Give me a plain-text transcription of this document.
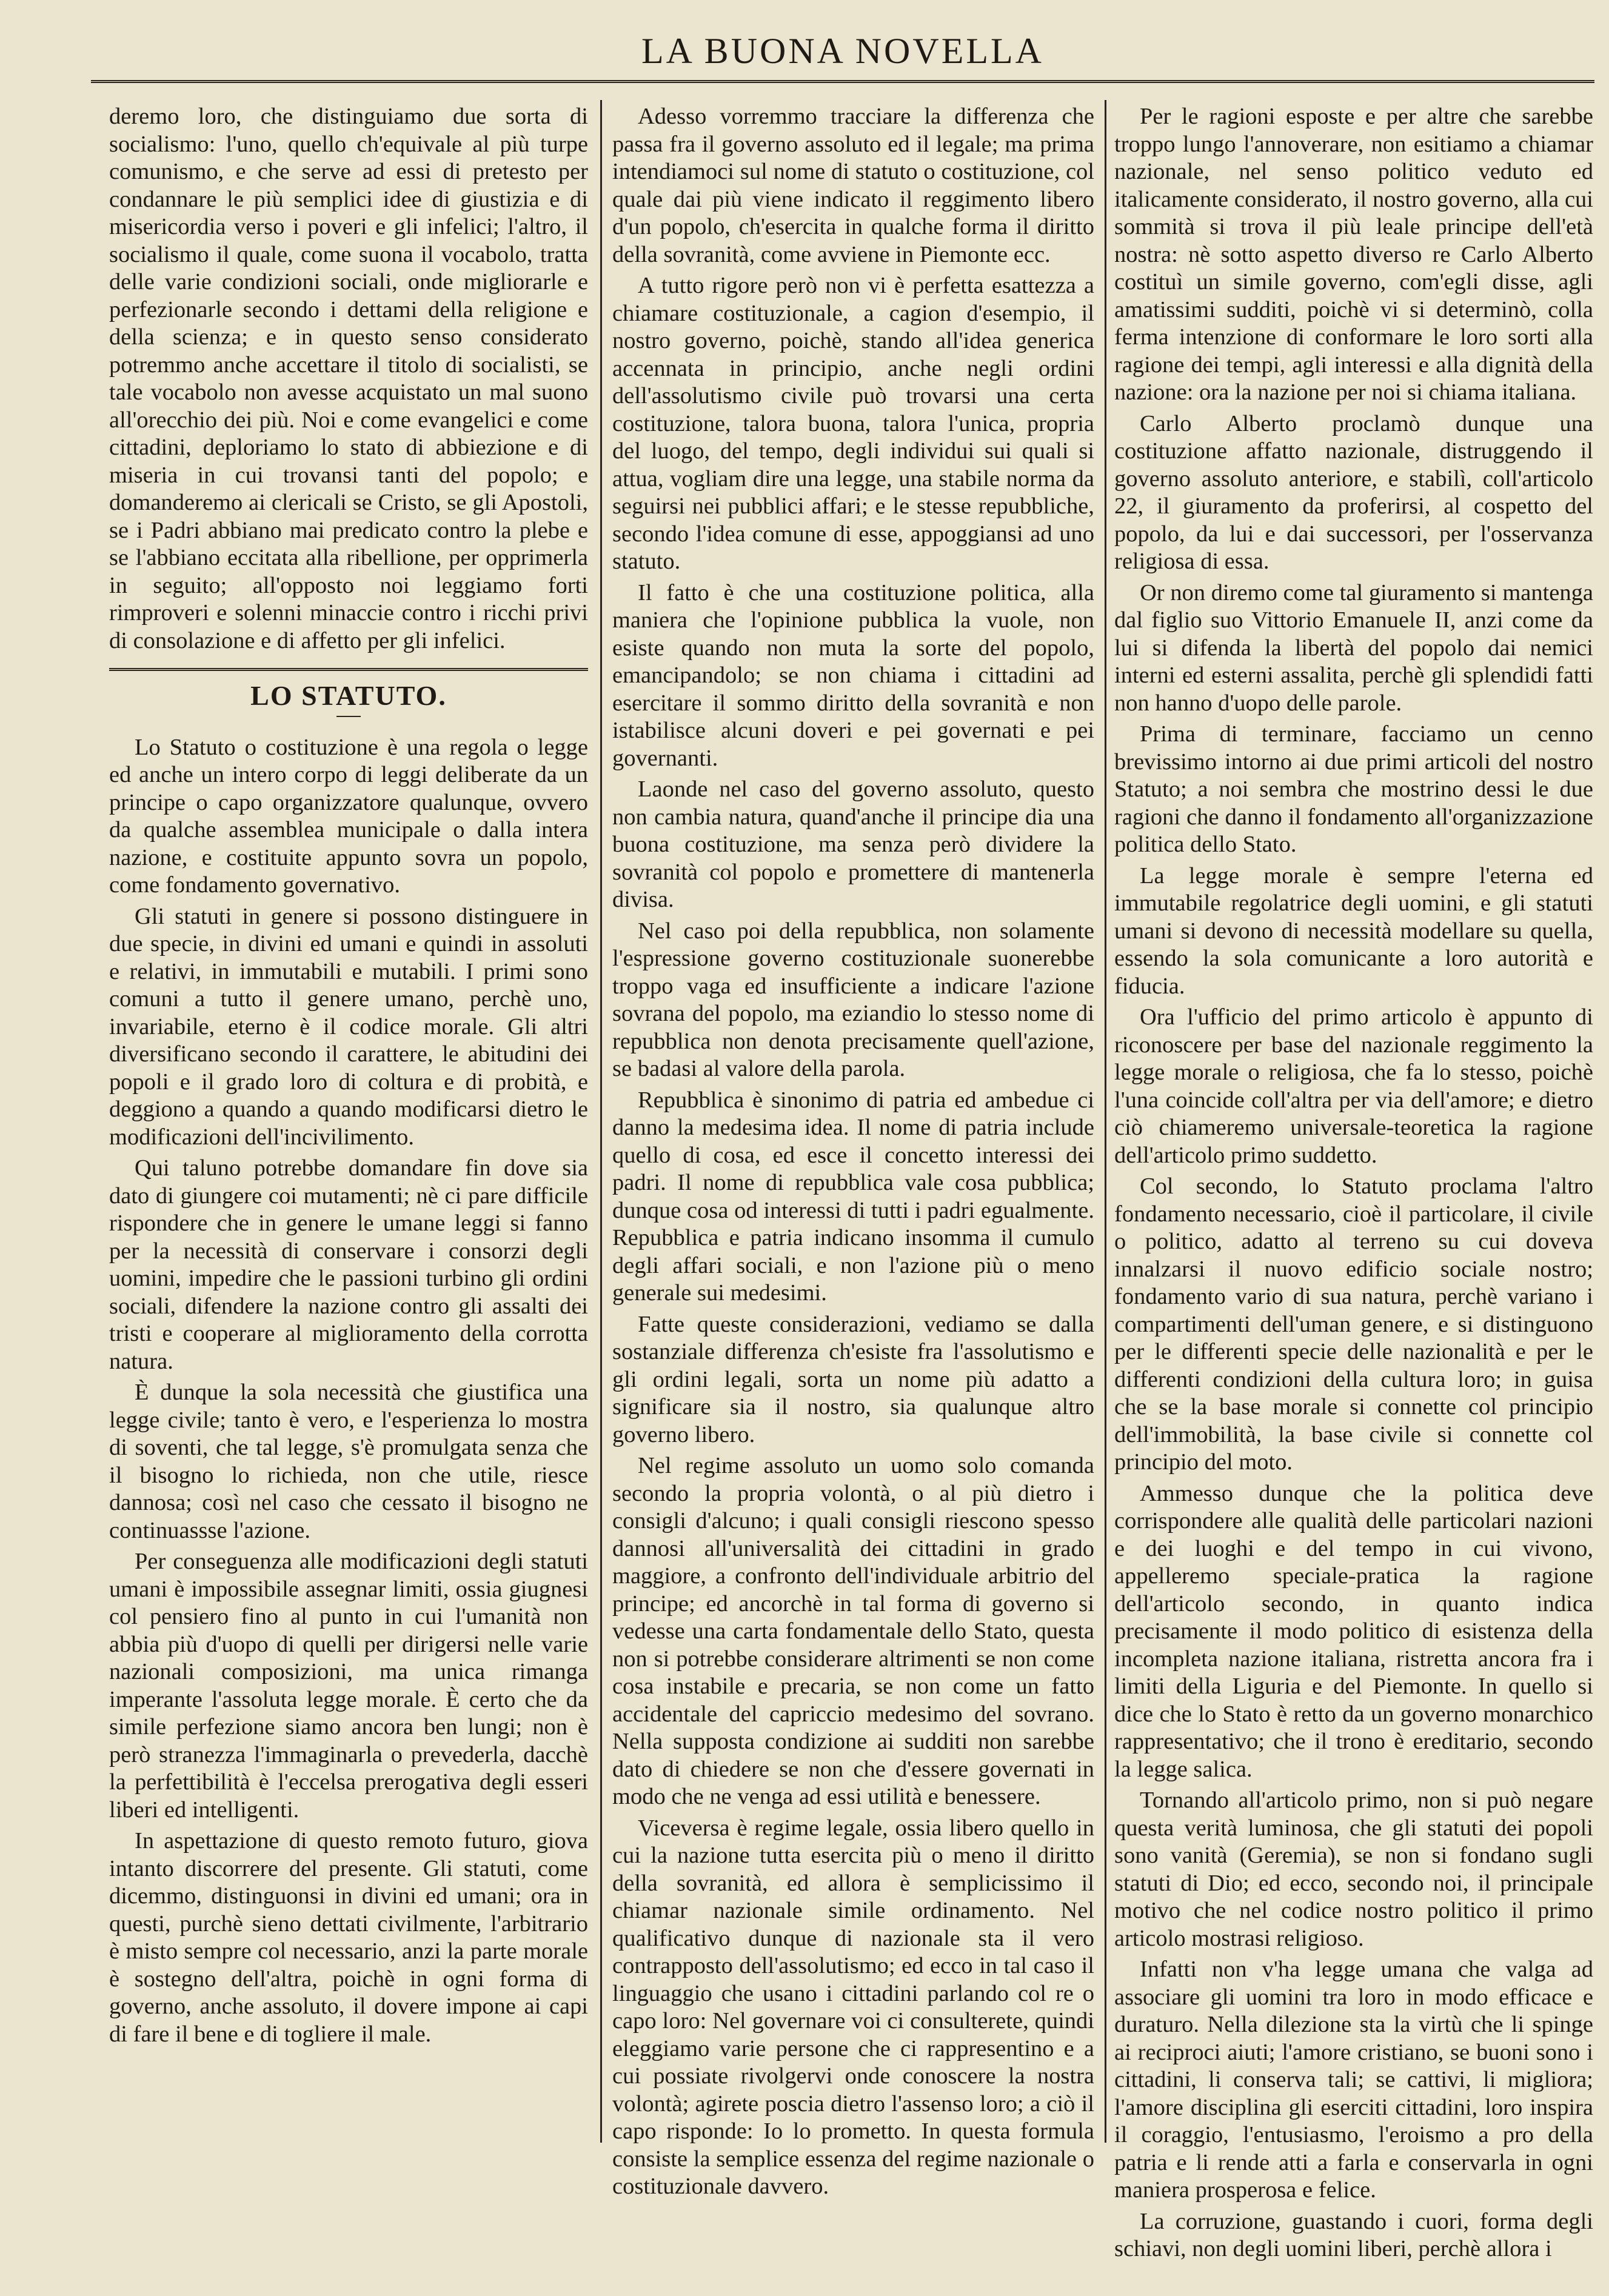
LA BUONA NOVELLA

deremo loro, che distinguiamo due sorta di socialismo: l'uno, quello ch'equivale al più turpe comunismo, e che serve ad essi di pretesto per condannare le più semplici idee di giustizia e di misericordia verso i poveri e gli infelici; l'altro, il socialismo il quale, come suona il vocabolo, tratta delle varie condizioni sociali, onde migliorarle e perfezionarle secondo i dettami della religione e della scienza; e in questo senso considerato potremmo anche accettare il titolo di socialisti, se tale vocabolo non avesse acquistato un mal suono all'orecchio dei più. Noi e come evangelici e come cittadini, deploriamo lo stato di abbiezione e di miseria in cui trovansi tanti del popolo; e domanderemo ai clericali se Cristo, se gli Apostoli, se i Padri abbiano mai predicato contro la plebe e se l'abbiano eccitata alla ribellione, per opprimerla in seguito; all'opposto noi leggiamo forti rimproveri e solenni minaccie contro i ricchi privi di consolazione e di affetto per gli infelici.

LO STATUTO.

Lo Statuto o costituzione è una regola o legge ed anche un intero corpo di leggi deliberate da un principe o capo organizzatore qualunque, ovvero da qualche assemblea municipale o dalla intera nazione, e costituite appunto sovra un popolo, come fondamento governativo.

Gli statuti in genere si possono distinguere in due specie, in divini ed umani e quindi in assoluti e relativi, in immutabili e mutabili. I primi sono comuni a tutto il genere umano, perchè uno, invariabile, eterno è il codice morale. Gli altri diversificano secondo il carattere, le abitudini dei popoli e il grado loro di coltura e di probità, e deggiono a quando a quando modificarsi dietro le modificazioni dell'incivilimento.

Qui taluno potrebbe domandare fin dove sia dato di giungere coi mutamenti; nè ci pare difficile rispondere che in genere le umane leggi si fanno per la necessità di conservare i consorzi degli uomini, impedire che le passioni turbino gli ordini sociali, difendere la nazione contro gli assalti dei tristi e cooperare al miglioramento della corrotta natura.

È dunque la sola necessità che giustifica una legge civile; tanto è vero, e l'esperienza lo mostra di soventi, che tal legge, s'è promulgata senza che il bisogno lo richieda, non che utile, riesce dannosa; così nel caso che cessato il bisogno ne continuassse l'azione.

Per conseguenza alle modificazioni degli statuti umani è impossibile assegnar limiti, ossia giugnesi col pensiero fino al punto in cui l'umanità non abbia più d'uopo di quelli per dirigersi nelle varie nazionali composizioni, ma unica rimanga imperante l'assoluta legge morale. È certo che da simile perfezione siamo ancora ben lungi; non è però stranezza l'immaginarla o prevederla, dacchè la perfettibilità è l'eccelsa prerogativa degli esseri liberi ed intelligenti.

In aspettazione di questo remoto futuro, giova intanto discorrere del presente. Gli statuti, come dicemmo, distinguonsi in divini ed umani; ora in questi, purchè sieno dettati civilmente, l'arbitrario è misto sempre col necessario, anzi la parte morale è sostegno dell'altra, poichè in ogni forma di governo, anche assoluto, il dovere impone ai capi di fare il bene e di togliere il male.

Adesso vorremmo tracciare la differenza che passa fra il governo assoluto ed il legale; ma prima intendiamoci sul nome di statuto o costituzione, col quale dai più viene indicato il reggimento libero d'un popolo, ch'esercita in qualche forma il diritto della sovranità, come avviene in Piemonte ecc.

A tutto rigore però non vi è perfetta esattezza a chiamare costituzionale, a cagion d'esempio, il nostro governo, poichè, stando all'idea generica accennata in principio, anche negli ordini dell'assolutismo civile può trovarsi una certa costituzione, talora buona, talora l'unica, propria del luogo, del tempo, degli individui sui quali si attua, vogliam dire una legge, una stabile norma da seguirsi nei pubblici affari; e le stesse repubbliche, secondo l'idea comune di esse, appoggiansi ad uno statuto.

Il fatto è che una costituzione politica, alla maniera che l'opinione pubblica la vuole, non esiste quando non muta la sorte del popolo, emancipandolo; se non chiama i cittadini ad esercitare il sommo diritto della sovranità e non istabilisce alcuni doveri e pei governati e pei governanti.

Laonde nel caso del governo assoluto, questo non cambia natura, quand'anche il principe dia una buona costituzione, ma senza però dividere la sovranità col popolo e promettere di mantenerla divisa.

Nel caso poi della repubblica, non solamente l'espressione governo costituzionale suonerebbe troppo vaga ed insufficiente a indicare l'azione sovrana del popolo, ma eziandio lo stesso nome di repubblica non denota precisamente quell'azione, se badasi al valore della parola.

Repubblica è sinonimo di patria ed ambedue ci danno la medesima idea. Il nome di patria include quello di cosa, ed esce il concetto interessi dei padri. Il nome di repubblica vale cosa pubblica; dunque cosa od interessi di tutti i padri egualmente. Repubblica e patria indicano insomma il cumulo degli affari sociali, e non l'azione più o meno generale sui medesimi.

Fatte queste considerazioni, vediamo se dalla sostanziale differenza ch'esiste fra l'assolutismo e gli ordini legali, sorta un nome più adatto a significare sia il nostro, sia qualunque altro governo libero.

Nel regime assoluto un uomo solo comanda secondo la propria volontà, o al più dietro i consigli d'alcuno; i quali consigli riescono spesso dannosi all'universalità dei cittadini in grado maggiore, a confronto dell'individuale arbitrio del principe; ed ancorchè in tal forma di governo si vedesse una carta fondamentale dello Stato, questa non si potrebbe considerare altrimenti se non come cosa instabile e precaria, se non come un fatto accidentale del capriccio medesimo del sovrano. Nella supposta condizione ai sudditi non sarebbe dato di chiedere se non che d'essere governati in modo che ne venga ad essi utilità e benessere.

Viceversa è regime legale, ossia libero quello in cui la nazione tutta esercita più o meno il diritto della sovranità, ed allora è semplicissimo il chiamar nazionale simile ordinamento. Nel qualificativo dunque di nazionale sta il vero contrapposto dell'assolutismo; ed ecco in tal caso il linguaggio che usano i cittadini parlando col re o capo loro: Nel governare voi ci consulterete, quindi eleggiamo varie persone che ci rappresentino e a cui possiate rivolgervi onde conoscere la nostra volontà; agirete poscia dietro l'assenso loro; a ciò il capo risponde: Io lo prometto. In questa formula consiste la semplice essenza del regime nazionale o costituzionale davvero.

Per le ragioni esposte e per altre che sarebbe troppo lungo l'annoverare, non esitiamo a chiamar nazionale, nel senso politico veduto ed italicamente considerato, il nostro governo, alla cui sommità si trova il più leale principe dell'età nostra: nè sotto aspetto diverso re Carlo Alberto costituì un simile governo, com'egli disse, agli amatissimi sudditi, poichè vi si determinò, colla ferma intenzione di conformare le loro sorti alla ragione dei tempi, agli interessi e alla dignità della nazione: ora la nazione per noi si chiama italiana.

Carlo Alberto proclamò dunque una costituzione affatto nazionale, distruggendo il governo assoluto anteriore, e stabilì, coll'articolo 22, il giuramento da proferirsi, al cospetto del popolo, da lui e dai successori, per l'osservanza religiosa di essa.

Or non diremo come tal giuramento si mantenga dal figlio suo Vittorio Emanuele II, anzi come da lui si difenda la libertà del popolo dai nemici interni ed esterni assalita, perchè gli splendidi fatti non hanno d'uopo delle parole.

Prima di terminare, facciamo un cenno brevissimo intorno ai due primi articoli del nostro Statuto; a noi sembra che mostrino dessi le due ragioni che danno il fondamento all'organizzazione politica dello Stato.

La legge morale è sempre l'eterna ed immutabile regolatrice degli uomini, e gli statuti umani si devono di necessità modellare su quella, essendo la sola comunicante a loro autorità e fiducia.

Ora l'ufficio del primo articolo è appunto di riconoscere per base del nazionale reggimento la legge morale o religiosa, che fa lo stesso, poichè l'una coincide coll'altra per via dell'amore; e dietro ciò chiameremo universale-teoretica la ragione dell'articolo primo suddetto.

Col secondo, lo Statuto proclama l'altro fondamento necessario, cioè il particolare, il civile o politico, adatto al terreno su cui doveva innalzarsi il nuovo edificio sociale nostro; fondamento vario di sua natura, perchè variano i compartimenti dell'uman genere, e si distinguono per le differenti specie delle nazionalità e per le differenti condizioni della cultura loro; in guisa che se la base morale si connette col principio dell'immobilità, la base civile si connette col principio del moto.

Ammesso dunque che la politica deve corrispondere alle qualità delle particolari nazioni e dei luoghi e del tempo in cui vivono, appelleremo speciale-pratica la ragione dell'articolo secondo, in quanto indica precisamente il modo politico di esistenza della incompleta nazione italiana, ristretta ancora fra i limiti della Liguria e del Piemonte. In quello si dice che lo Stato è retto da un governo monarchico rappresentativo; che il trono è ereditario, secondo la legge salica.

Tornando all'articolo primo, non si può negare questa verità luminosa, che gli statuti dei popoli sono vanità (Geremia), se non si fondano sugli statuti di Dio; ed ecco, secondo noi, il principale motivo che nel codice nostro politico il primo articolo mostrasi religioso.

Infatti non v'ha legge umana che valga ad associare gli uomini tra loro in modo efficace e duraturo. Nella dilezione sta la virtù che li spinge ai reciproci aiuti; l'amore cristiano, se buoni sono i cittadini, li conserva tali; se cattivi, li migliora; l'amore disciplina gli eserciti cittadini, loro inspira il coraggio, l'entusiasmo, l'eroismo a pro della patria e li rende atti a farla e conservarla in ogni maniera prosperosa e felice.

La corruzione, guastando i cuori, forma degli schiavi, non degli uomini liberi, perchè allora i
